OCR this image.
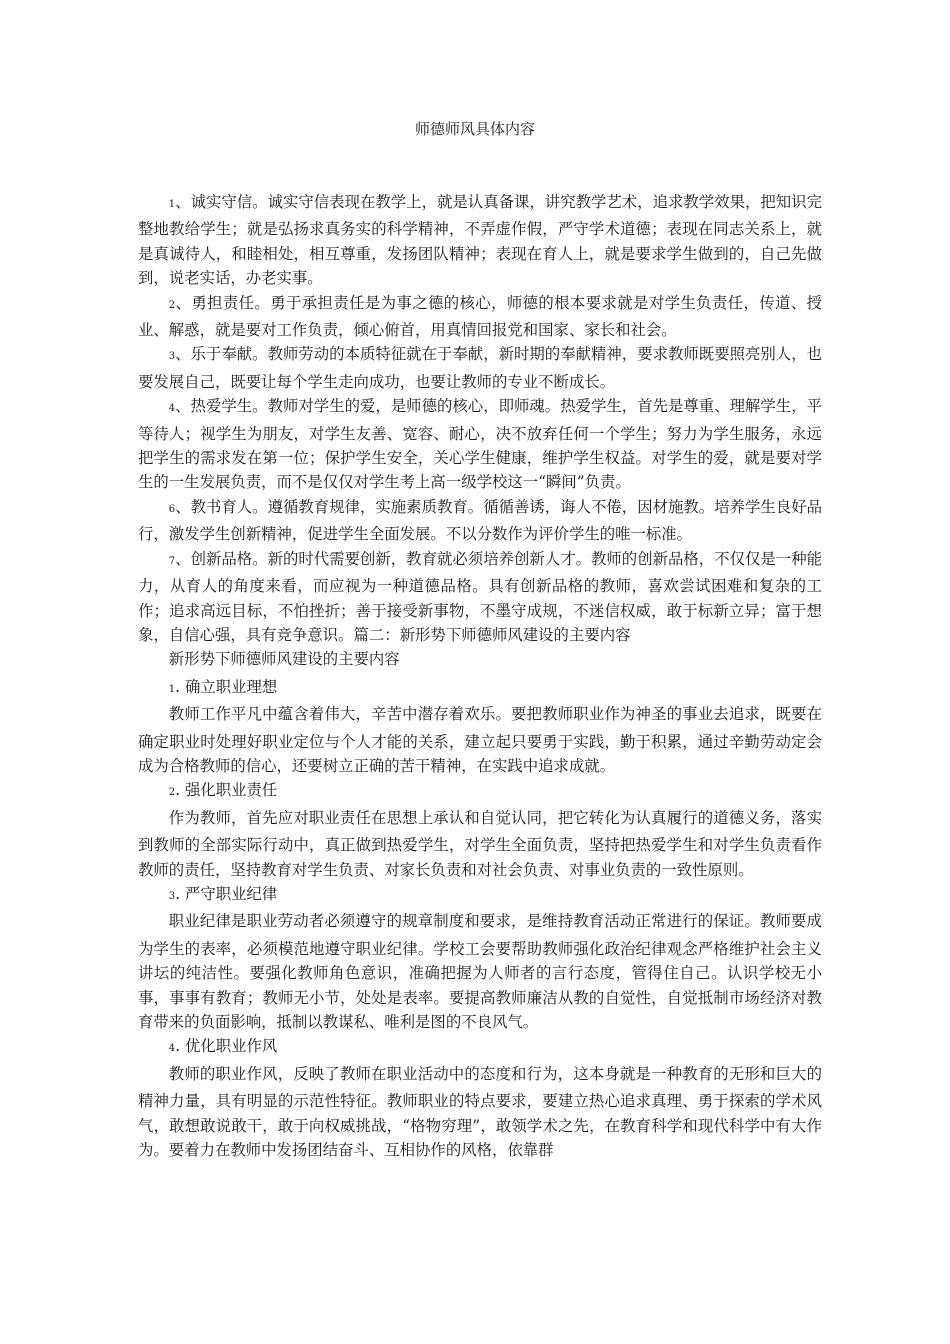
师德师风具体内容

1、诚实守信。诚实守信表现在教学上，就是认真备课，讲究教学艺术，追求教学效果，把知识完整地教给学生；就是弘扬求真务实的科学精神，不弄虚作假，严守学术道德；表现在同志关系上，就是真诚待人，和睦相处，相互尊重，发扬团队精神；表现在育人上，就是要求学生做到的，自己先做到，说老实话，办老实事。

2、勇担责任。勇于承担责任是为事之德的核心，师德的根本要求就是对学生负责任，传道、授业、解惑，就是要对工作负责，倾心俯首，用真情回报党和国家、家长和社会。

3、乐于奉献。教师劳动的本质特征就在于奉献，新时期的奉献精神，要求教师既要照亮别人，也要发展自己，既要让每个学生走向成功，也要让教师的专业不断成长。

4、热爱学生。教师对学生的爱，是师德的核心，即师魂。热爱学生，首先是尊重、理解学生，平等待人；视学生为朋友，对学生友善、宽容、耐心，决不放弃任何一个学生；努力为学生服务，永远把学生的需求发在第一位；保护学生安全，关心学生健康，维护学生权益。对学生的爱，就是要对学生的一生发展负责，而不是仅仅对学生考上高一级学校这一“瞬间”负责。

6、教书育人。遵循教育规律，实施素质教育。循循善诱，诲人不倦，因材施教。培养学生良好品行，激发学生创新精神，促进学生全面发展。不以分数作为评价学生的唯一标准。

7、创新品格。新的时代需要创新，教育就必须培养创新人才。教师的创新品格，不仅仅是一种能力，从育人的角度来看，而应视为一种道德品格。具有创新品格的教师，喜欢尝试困难和复杂的工作；追求高远目标，不怕挫折；善于接受新事物，不墨守成规，不迷信权威，敢于标新立异；富于想象，自信心强，具有竞争意识。篇二：新形势下师德师风建设的主要内容

新形势下师德师风建设的主要内容

1. 确立职业理想

教师工作平凡中蕴含着伟大，辛苦中潜存着欢乐。要把教师职业作为神圣的事业去追求，既要在确定职业时处理好职业定位与个人才能的关系，建立起只要勇于实践，勤于积累，通过辛勤劳动定会成为合格教师的信心，还要树立正确的苦干精神，在实践中追求成就。

2. 强化职业责任

作为教师，首先应对职业责任在思想上承认和自觉认同，把它转化为认真履行的道德义务，落实到教师的全部实际行动中，真正做到热爱学生，对学生全面负责，坚持把热爱学生和对学生负责看作教师的责任，坚持教育对学生负责、对家长负责和对社会负责、对事业负责的一致性原则。

3. 严守职业纪律

职业纪律是职业劳动者必须遵守的规章制度和要求，是维持教育活动正常进行的保证。教师要成为学生的表率，必须模范地遵守职业纪律。学校工会要帮助教师强化政治纪律观念严格维护社会主义讲坛的纯洁性。要强化教师角色意识，准确把握为人师者的言行态度，管得住自己。认识学校无小事，事事有教育；教师无小节，处处是表率。要提高教师廉洁从教的自觉性，自觉抵制市场经济对教育带来的负面影响，抵制以教谋私、唯利是图的不良风气。

4. 优化职业作风

教师的职业作风，反映了教师在职业活动中的态度和行为，这本身就是一种教育的无形和巨大的精神力量，具有明显的示范性特征。教师职业的特点要求，要建立热心追求真理、勇于探索的学术风气，敢想敢说敢干，敢于向权威挑战，“格物穷理”，敢领学术之先，在教育科学和现代科学中有大作为。要着力在教师中发扬团结奋斗、互相协作的风格，依靠群
